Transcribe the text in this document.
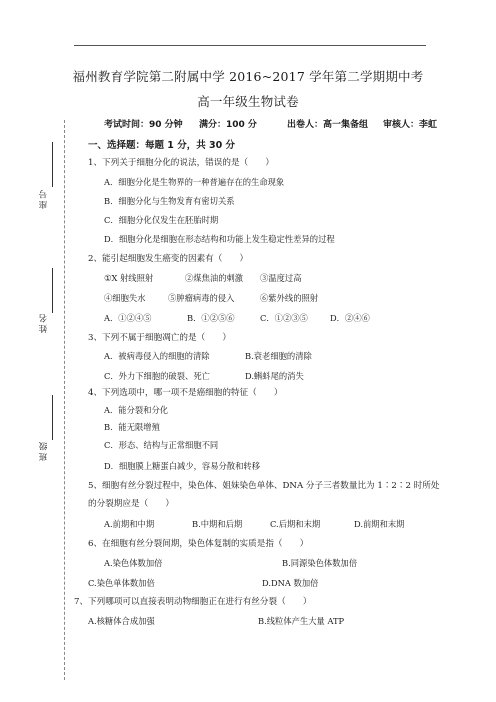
座号
姓名
班级
福州教育学院第二附属中学 2016~2017 学年第二学期期中考
高一年级生物试卷
考试时间：90 分钟 满分：100 分	出卷人：高一集备组 审核人：李虹
一、选择题：每题 1 分，共 30 分
1、下列关于细胞分化的说法，错误的是（　　）
A．细胞分化是生物界的一种普遍存在的生命现象
B．细胞分化与生物发育有密切关系
C．细胞分化仅发生在胚胎时期
D．细胞分化是细胞在形态结构和功能上发生稳定性差异的过程
2、能引起细胞发生癌变的因素有（　　）
①X 射线照射	②煤焦油的刺激 ③温度过高
④细胞失水	⑤肿瘤病毒的侵入	⑥紫外线的照射
A．①②④⑤	B．①②⑤⑥	C．①②③⑤	D．②④⑥
3、下列不属于细胞凋亡的是（　　）
A．被病毒侵入的细胞的清除	B.衰老细胞的清除
C．外力下细胞的破裂、死亡	D.蝌蚪尾的消失
4、下列选项中，哪一项不是癌细胞的特征（　　）
A．能分裂和分化
B．能无限增殖
C．形态、结构与正常细胞不同
D．细胞膜上糖蛋白减少，容易分散和转移
5、细胞有丝分裂过程中，染色体、姐妹染色单体、DNA 分子三者数量比为 1∶2∶2 时所处
的分裂期应是（　　）
A.前期和中期	B.中期和后期	C.后期和末期	D.前期和末期
6、在细胞有丝分裂间期，染色体复制的实质是指（　　）
A.染色体数加倍	B.同源染色体数加倍
C.染色单体数加倍	D.DNA 数加倍
7、下列哪项可以直接表明动物细胞正在进行有丝分裂（　　）
A.核糖体合成加强	B.线粒体产生大量 ATP
